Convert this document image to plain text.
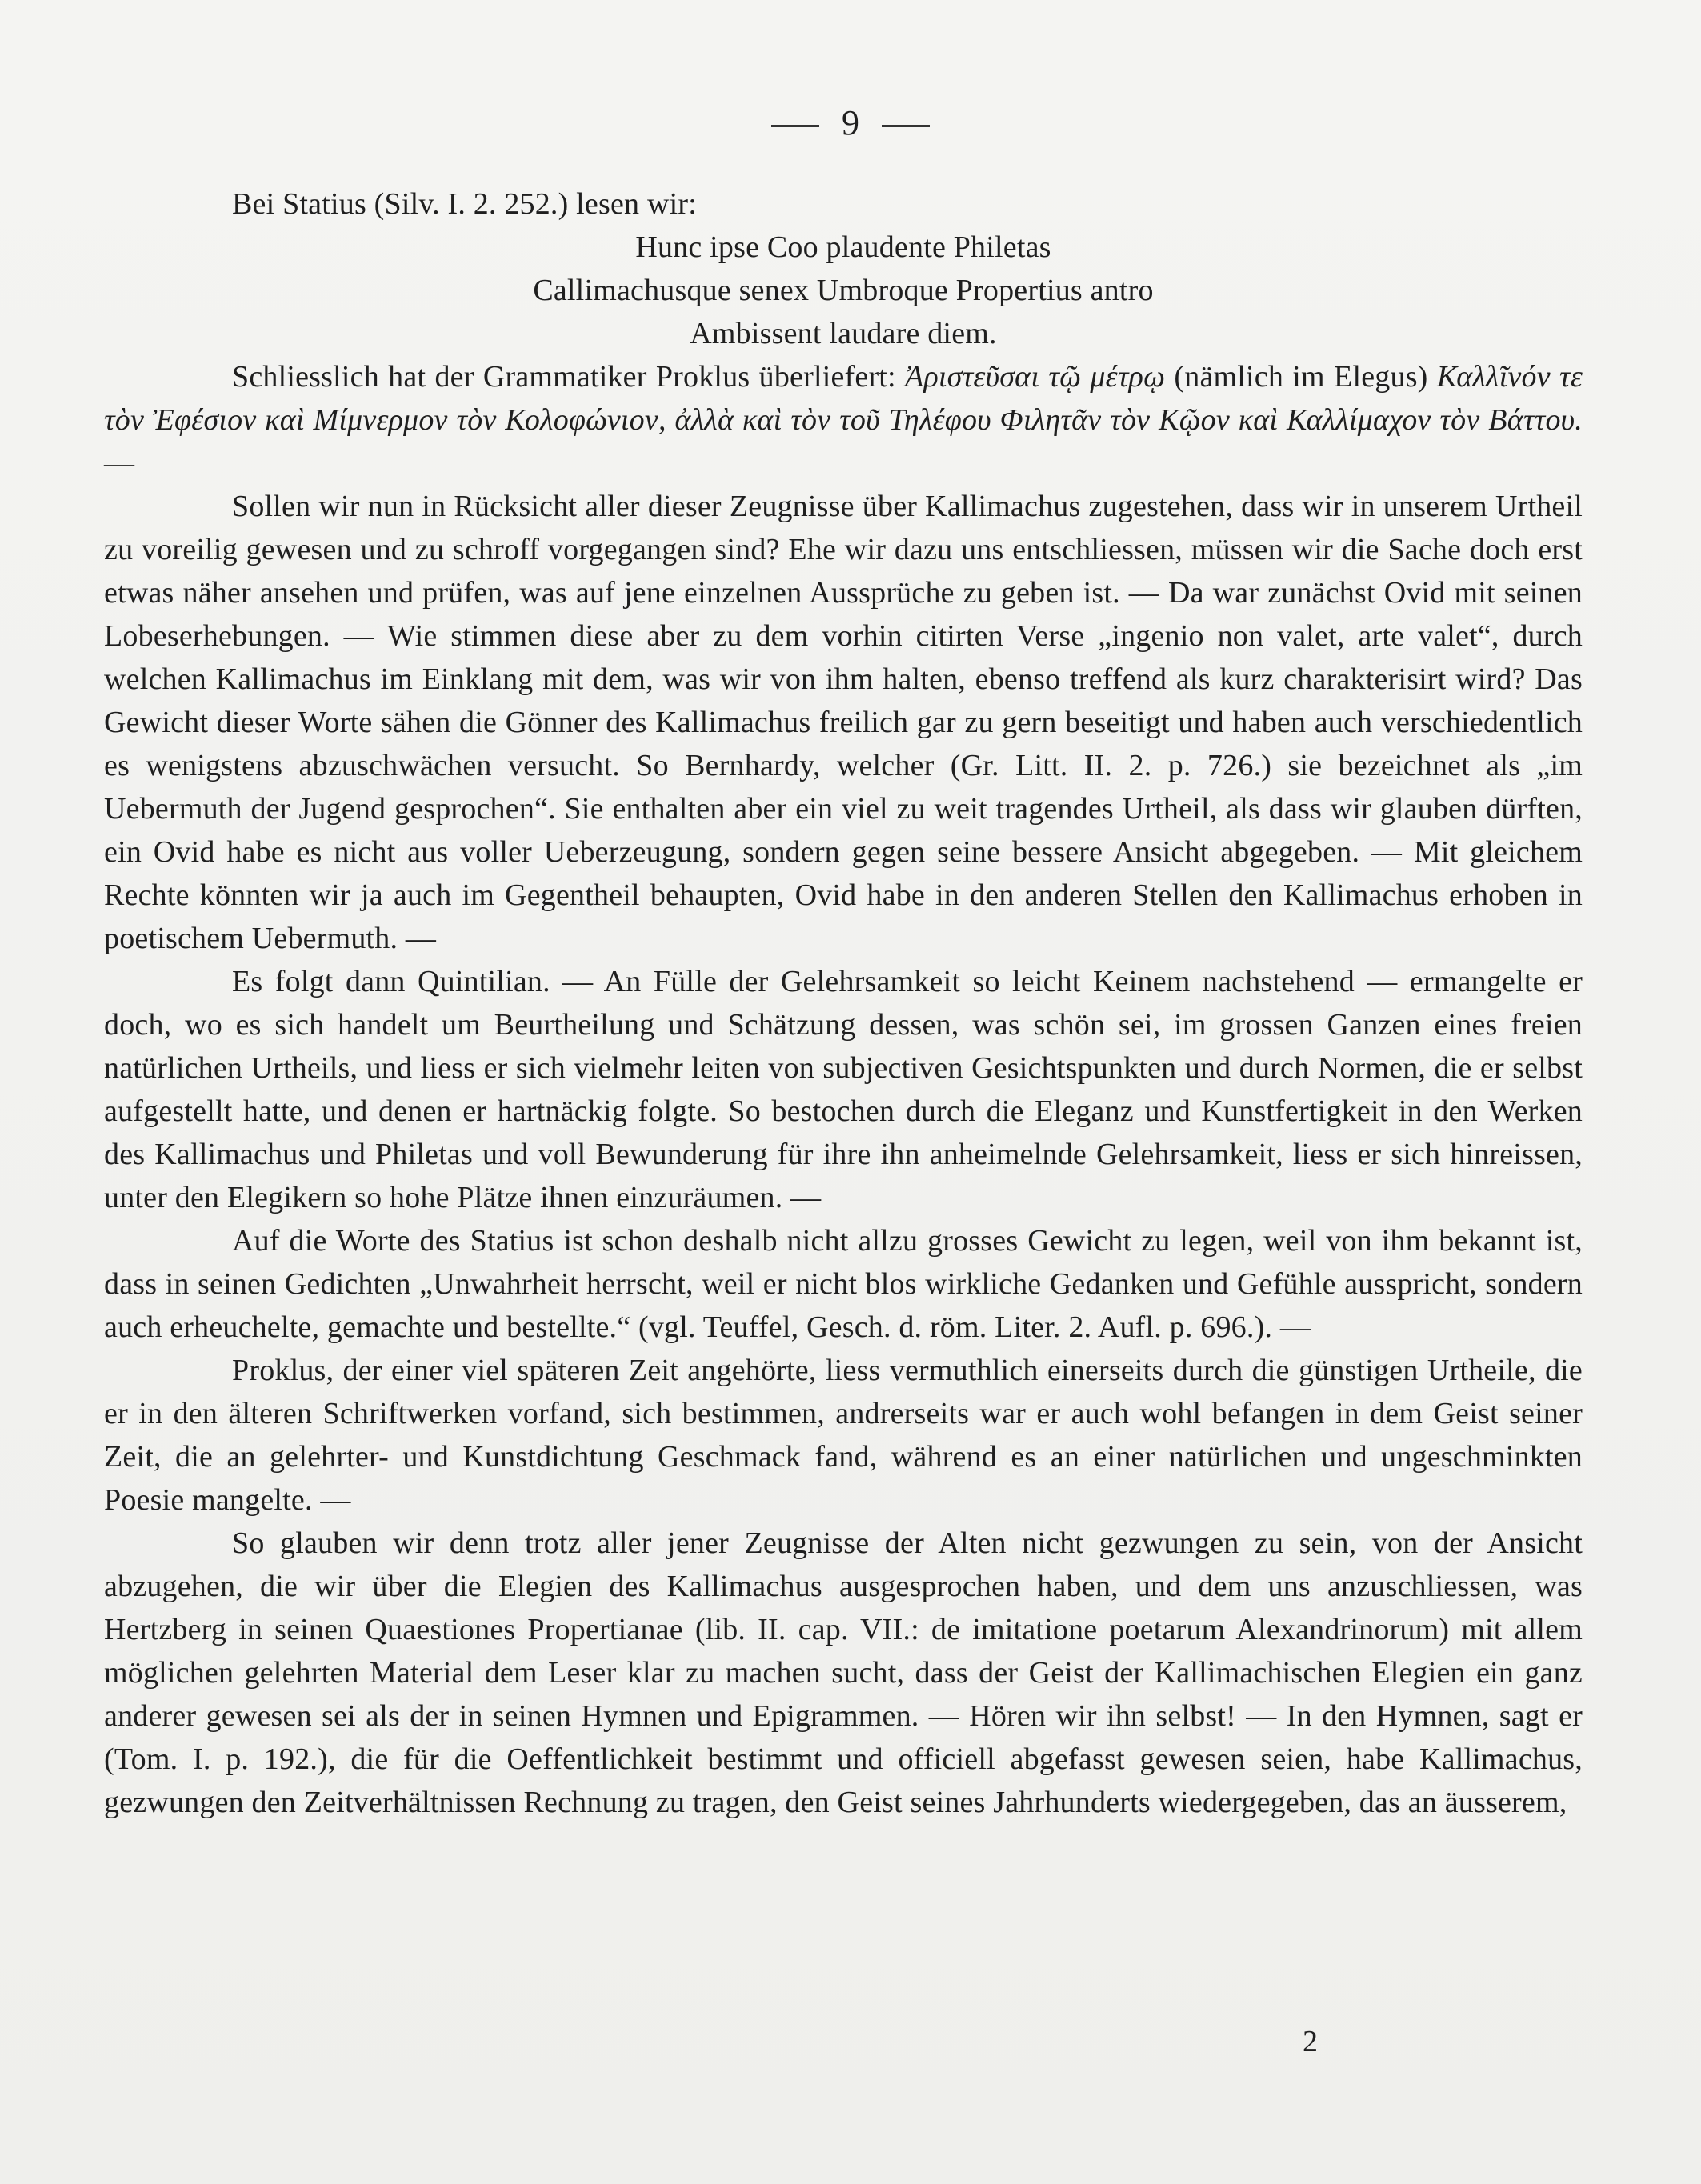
9

Bei Statius (Silv. I. 2. 252.) lesen wir:

Hunc ipse Coo plaudente Philetas
Callimachusque senex Umbroque Propertius antro
Ambissent laudare diem.

Schliesslich hat der Grammatiker Proklus überliefert: Ἀριστεῦσαι τῷ μέτρῳ (nämlich im Elegus) Καλλῖνόν τε τὸν Ἐφέσιον καὶ Μίμνερμον τὸν Κολοφώνιον, ἀλλὰ καὶ τὸν τοῦ Τηλέφου Φιλητᾶν τὸν Κῷον καὶ Καλλίμαχον τὸν Βάττου. —

Sollen wir nun in Rücksicht aller dieser Zeugnisse über Kallimachus zugestehen, dass wir in unserem Urtheil zu voreilig gewesen und zu schroff vorgegangen sind? Ehe wir dazu uns entschliessen, müssen wir die Sache doch erst etwas näher ansehen und prüfen, was auf jene einzelnen Aussprüche zu geben ist. — Da war zunächst Ovid mit seinen Lobeserhebungen. — Wie stimmen diese aber zu dem vorhin citirten Verse „ingenio non valet, arte valet“, durch welchen Kallimachus im Einklang mit dem, was wir von ihm halten, ebenso treffend als kurz charakterisirt wird? Das Gewicht dieser Worte sähen die Gönner des Kallimachus freilich gar zu gern beseitigt und haben auch verschiedentlich es wenigstens abzuschwächen versucht. So Bernhardy, welcher (Gr. Litt. II. 2. p. 726.) sie bezeichnet als „im Uebermuth der Jugend gesprochen“. Sie enthalten aber ein viel zu weit tragendes Urtheil, als dass wir glauben dürften, ein Ovid habe es nicht aus voller Ueberzeugung, sondern gegen seine bessere Ansicht abgegeben. — Mit gleichem Rechte könnten wir ja auch im Gegentheil behaupten, Ovid habe in den anderen Stellen den Kallimachus erhoben in poetischem Uebermuth. —

Es folgt dann Quintilian. — An Fülle der Gelehrsamkeit so leicht Keinem nachstehend — ermangelte er doch, wo es sich handelt um Beurtheilung und Schätzung dessen, was schön sei, im grossen Ganzen eines freien natürlichen Urtheils, und liess er sich vielmehr leiten von subjectiven Gesichtspunkten und durch Normen, die er selbst aufgestellt hatte, und denen er hartnäckig folgte. So bestochen durch die Eleganz und Kunstfertigkeit in den Werken des Kallimachus und Philetas und voll Bewunderung für ihre ihn anheimelnde Gelehrsamkeit, liess er sich hinreissen, unter den Elegikern so hohe Plätze ihnen einzuräumen. —

Auf die Worte des Statius ist schon deshalb nicht allzu grosses Gewicht zu legen, weil von ihm bekannt ist, dass in seinen Gedichten „Unwahrheit herrscht, weil er nicht blos wirkliche Gedanken und Gefühle ausspricht, sondern auch erheuchelte, gemachte und bestellte.“ (vgl. Teuffel, Gesch. d. röm. Liter. 2. Aufl. p. 696.). —

Proklus, der einer viel späteren Zeit angehörte, liess vermuthlich einerseits durch die günstigen Urtheile, die er in den älteren Schriftwerken vorfand, sich bestimmen, andrerseits war er auch wohl befangen in dem Geist seiner Zeit, die an gelehrter- und Kunstdichtung Geschmack fand, während es an einer natürlichen und ungeschminkten Poesie mangelte. —

So glauben wir denn trotz aller jener Zeugnisse der Alten nicht gezwungen zu sein, von der Ansicht abzugehen, die wir über die Elegien des Kallimachus ausgesprochen haben, und dem uns anzuschliessen, was Hertzberg in seinen Quaestiones Propertianae (lib. II. cap. VII.: de imitatione poetarum Alexandrinorum) mit allem möglichen gelehrten Material dem Leser klar zu machen sucht, dass der Geist der Kallimachischen Elegien ein ganz anderer gewesen sei als der in seinen Hymnen und Epigrammen. — Hören wir ihn selbst! — In den Hymnen, sagt er (Tom. I. p. 192.), die für die Oeffentlichkeit bestimmt und officiell abgefasst gewesen seien, habe Kallimachus, gezwungen den Zeitverhältnissen Rechnung zu tragen, den Geist seines Jahrhunderts wiedergegeben, das an äusserem,

2
